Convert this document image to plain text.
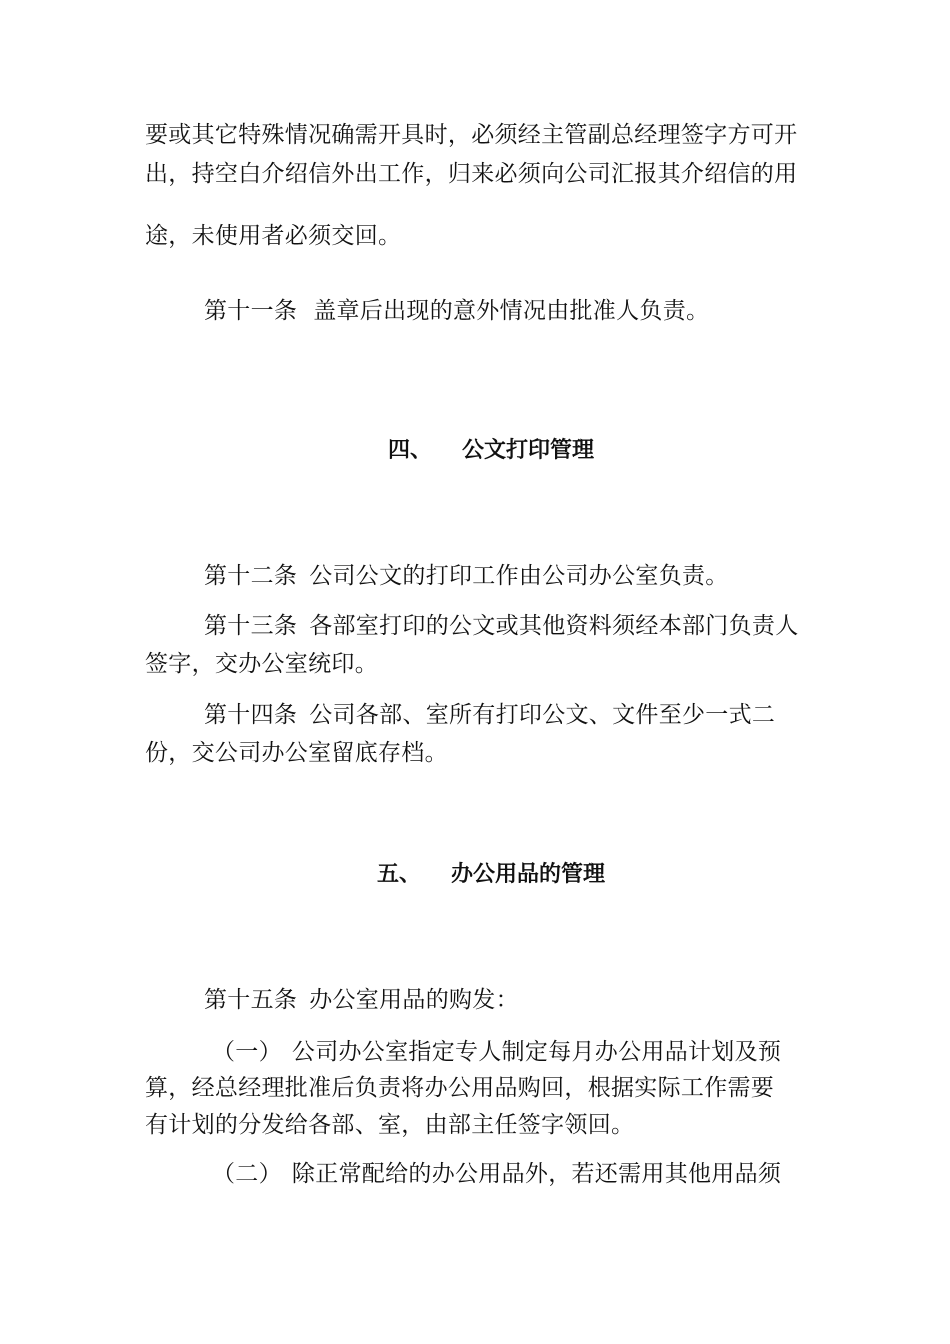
要或其它特殊情况确需开具时，必须经主管副总经理签字方可开
出，持空白介绍信外出工作，归来必须向公司汇报其介绍信的用
途，未使用者必须交回。
第十一条 盖章后出现的意外情况由批准人负责。
四、 公文打印管理
第十二条 公司公文的打印工作由公司办公室负责。
第十三条 各部室打印的公文或其他资料须经本部门负责人
签字，交办公室统印。
第十四条 公司各部、室所有打印公文、文件至少一式二
份，交公司办公室留底存档。
五、 办公用品的管理
第十五条 办公室用品的购发：
（一） 公司办公室指定专人制定每月办公用品计划及预
算，经总经理批准后负责将办公用品购回，根据实际工作需要
有计划的分发给各部、室，由部主任签字领回。
（二） 除正常配给的办公用品外，若还需用其他用品须
